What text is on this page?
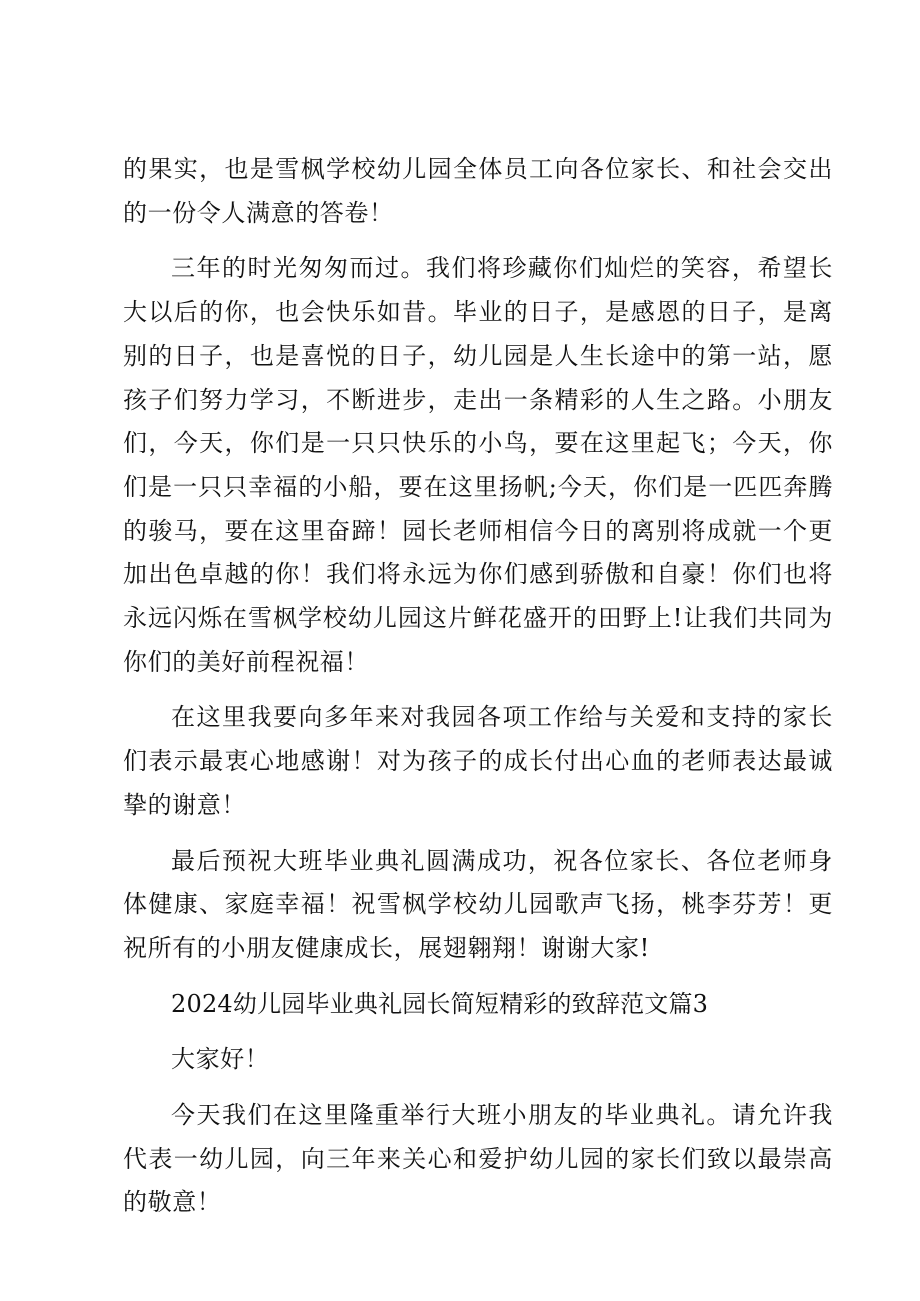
的果实，也是雪枫学校幼儿园全体员工向各位家长、和社会交出的一份令人满意的答卷！

三年的时光匆匆而过。我们将珍藏你们灿烂的笑容，希望长大以后的你，也会快乐如昔。毕业的日子，是感恩的日子，是离别的日子，也是喜悦的日子，幼儿园是人生长途中的第一站，愿孩子们努力学习，不断进步，走出一条精彩的人生之路。小朋友们，今天，你们是一只只快乐的小鸟，要在这里起飞；今天，你们是一只只幸福的小船，要在这里扬帆;今天，你们是一匹匹奔腾的骏马，要在这里奋蹄！园长老师相信今日的离别将成就一个更加出色卓越的你！我们将永远为你们感到骄傲和自豪！你们也将永远闪烁在雪枫学校幼儿园这片鲜花盛开的田野上!让我们共同为你们的美好前程祝福！

在这里我要向多年来对我园各项工作给与关爱和支持的家长们表示最衷心地感谢！对为孩子的成长付出心血的老师表达最诚挚的谢意！

最后预祝大班毕业典礼圆满成功，祝各位家长、各位老师身体健康、家庭幸福！祝雪枫学校幼儿园歌声飞扬，桃李芬芳！更祝所有的小朋友健康成长，展翅翱翔！谢谢大家!

2024幼儿园毕业典礼园长简短精彩的致辞范文篇3

大家好！

今天我们在这里隆重举行大班小朋友的毕业典礼。请允许我代表一幼儿园，向三年来关心和爱护幼儿园的家长们致以最崇高的敬意！
